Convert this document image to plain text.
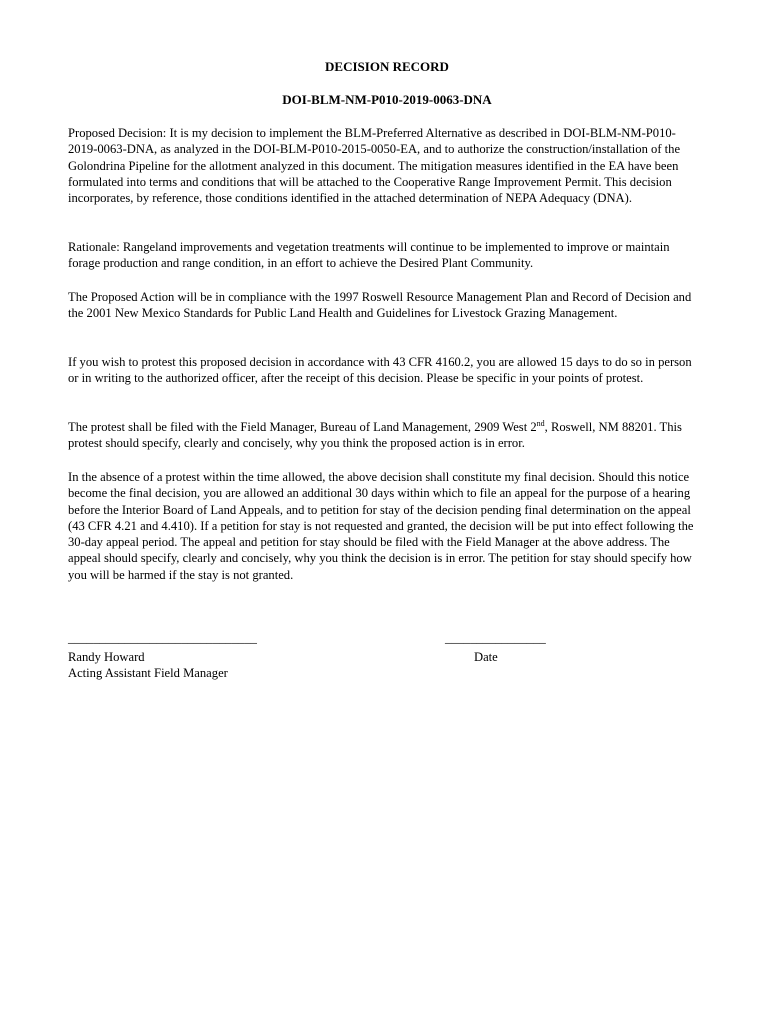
DECISION RECORD
DOI-BLM-NM-P010-2019-0063-DNA

Proposed Decision: It is my decision to implement the BLM-Preferred Alternative as described in DOI-BLM-NM-P010-2019-0063-DNA, as analyzed in the DOI-BLM-P010-2015-0050-EA, and to authorize the construction/installation of the Golondrina Pipeline for the allotment analyzed in this document. The mitigation measures identified in the EA have been formulated into terms and conditions that will be attached to the Cooperative Range Improvement Permit. This decision incorporates, by reference, those conditions identified in the attached determination of NEPA Adequacy (DNA).

Rationale: Rangeland improvements and vegetation treatments will continue to be implemented to improve or maintain forage production and range condition, in an effort to achieve the Desired Plant Community.

The Proposed Action will be in compliance with the 1997 Roswell Resource Management Plan and Record of Decision and the 2001 New Mexico Standards for Public Land Health and Guidelines for Livestock Grazing Management.

If you wish to protest this proposed decision in accordance with 43 CFR 4160.2, you are allowed 15 days to do so in person or in writing to the authorized officer, after the receipt of this decision. Please be specific in your points of protest.

The protest shall be filed with the Field Manager, Bureau of Land Management, 2909 West 2nd, Roswell, NM 88201. This protest should specify, clearly and concisely, why you think the proposed action is in error.

In the absence of a protest within the time allowed, the above decision shall constitute my final decision. Should this notice become the final decision, you are allowed an additional 30 days within which to file an appeal for the purpose of a hearing before the Interior Board of Land Appeals, and to petition for stay of the decision pending final determination on the appeal (43 CFR 4.21 and 4.410). If a petition for stay is not requested and granted, the decision will be put into effect following the 30-day appeal period. The appeal and petition for stay should be filed with the Field Manager at the above address. The appeal should specify, clearly and concisely, why you think the decision is in error. The petition for stay should specify how you will be harmed if the stay is not granted.

______________________________	________________
Randy Howard
Acting Assistant Field Manager
Date
